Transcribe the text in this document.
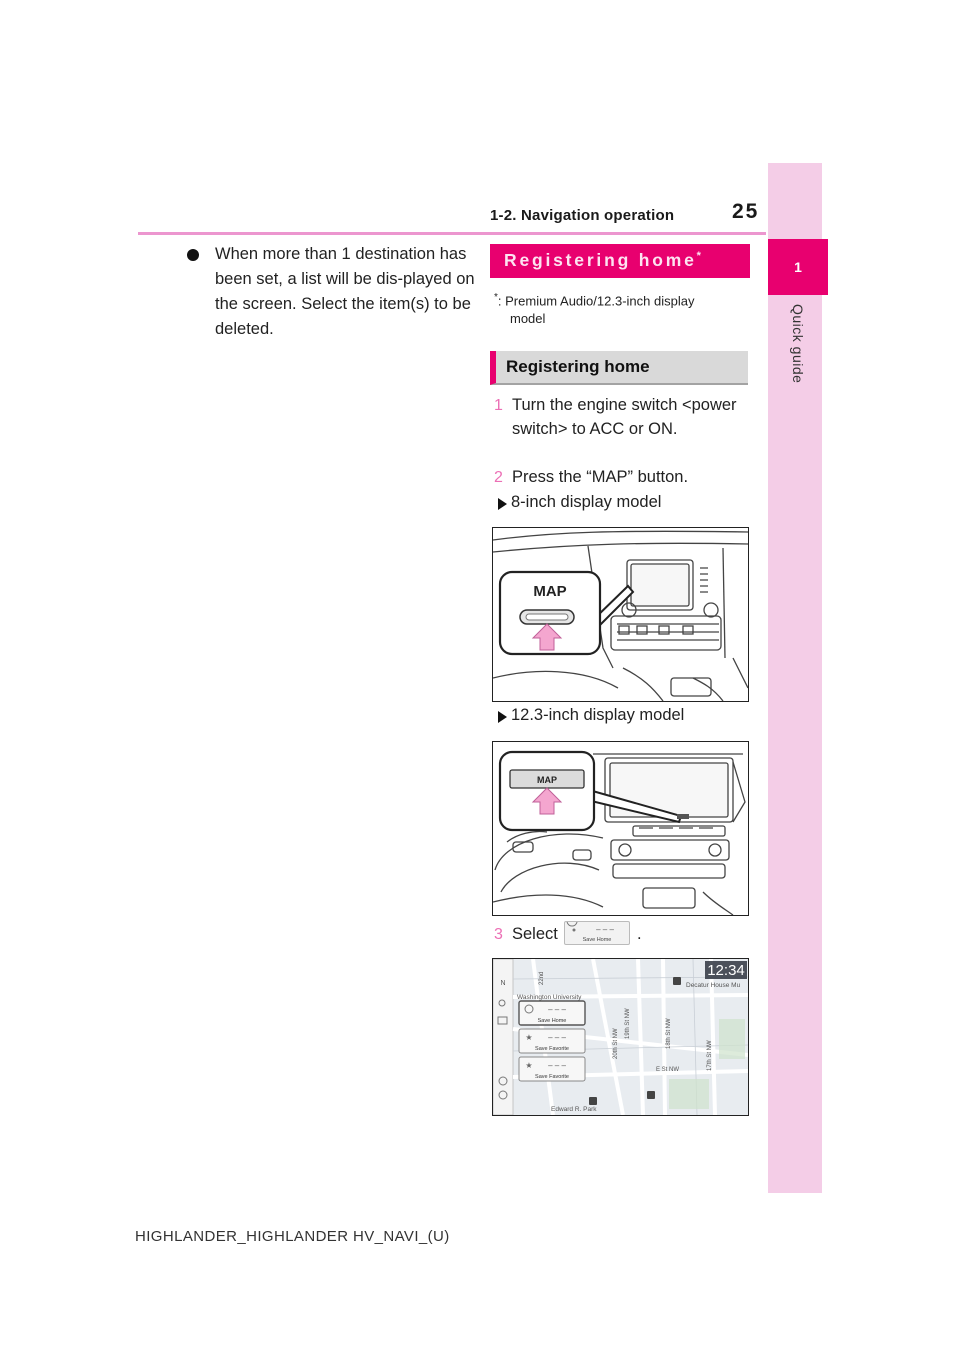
1-2. Navigation operation	25
1
Quick guide
When more than 1 destination has been set, a list will be dis-played on the screen. Select the item(s) to be deleted.
Registering home*
*: Premium Audio/12.3-inch display
model
Registering home
1 Turn the engine switch <power switch> to ACC or ON.
2 Press the “MAP” button.
8-inch display model
MAP
12.3-inch display model
MAP
3 Select	– – –
Save Home .
N
Washington University
Decatur House Mu
Edward R. Park
E St NW
20th St NW
19th St NW	18th St NW
17th St NW
22nd	12:34
– – –
Save Home
★ – – –
Save Favorite
★ – – –
Save Favorite
HIGHLANDER_HIGHLANDER HV_NAVI_(U)
